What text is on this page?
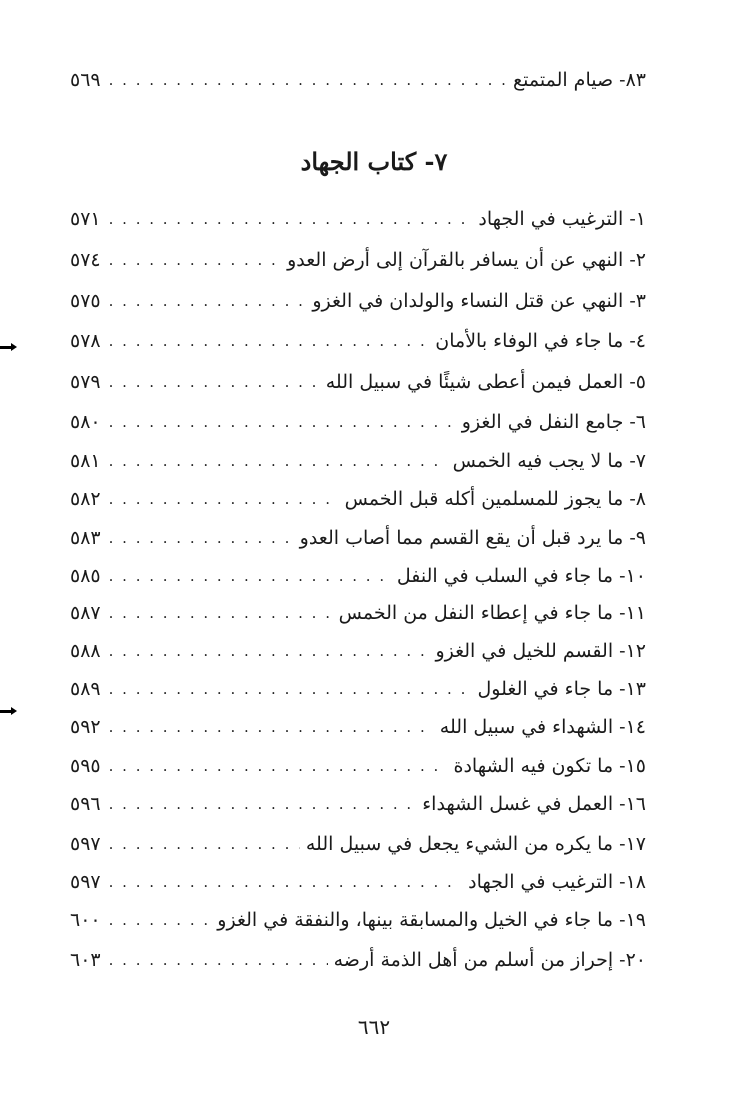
٨٣- صيام المتمتع
. . .
٥٦٩
٧- كتاب الجهاد
١- الترغيب في الجهاد
. . .
٥٧١
٢- النهي عن أن يسافر بالقرآن إلى أرض العدو
. . .
٥٧٤
٣- النهي عن قتل النساء والولدان في الغزو
. . .
٥٧٥
٤- ما جاء في الوفاء بالأمان
. . .
٥٧٨
٥- العمل فيمن أعطى شيئًا في سبيل الله
. . .
٥٧٩
٦- جامع النفل في الغزو
. . .
٥٨٠
٧- ما لا يجب فيه الخمس
. . .
٥٨١
٨- ما يجوز للمسلمين أكله قبل الخمس
. . .
٥٨٢
٩- ما يرد قبل أن يقع القسم مما أصاب العدو
. . .
٥٨٣
١٠- ما جاء في السلب في النفل
. . .
٥٨٥
١١- ما جاء في إعطاء النفل من الخمس
. . .
٥٨٧
١٢- القسم للخيل في الغزو
. . .
٥٨٨
١٣- ما جاء في الغلول
. . .
٥٨٩
١٤- الشهداء في سبيل الله
. . .
٥٩٢
١٥- ما تكون فيه الشهادة
. . .
٥٩٥
١٦- العمل في غسل الشهداء
. . .
٥٩٦
١٧- ما يكره من الشيء يجعل في سبيل الله
. . .
٥٩٧
١٨- الترغيب في الجهاد
. . .
٥٩٧
١٩- ما جاء في الخيل والمسابقة بينها، والنفقة في الغزو
. . .
٦٠٠
٢٠- إحراز من أسلم من أهل الذمة أرضه
. . .
٦٠٣
٦٦٢
